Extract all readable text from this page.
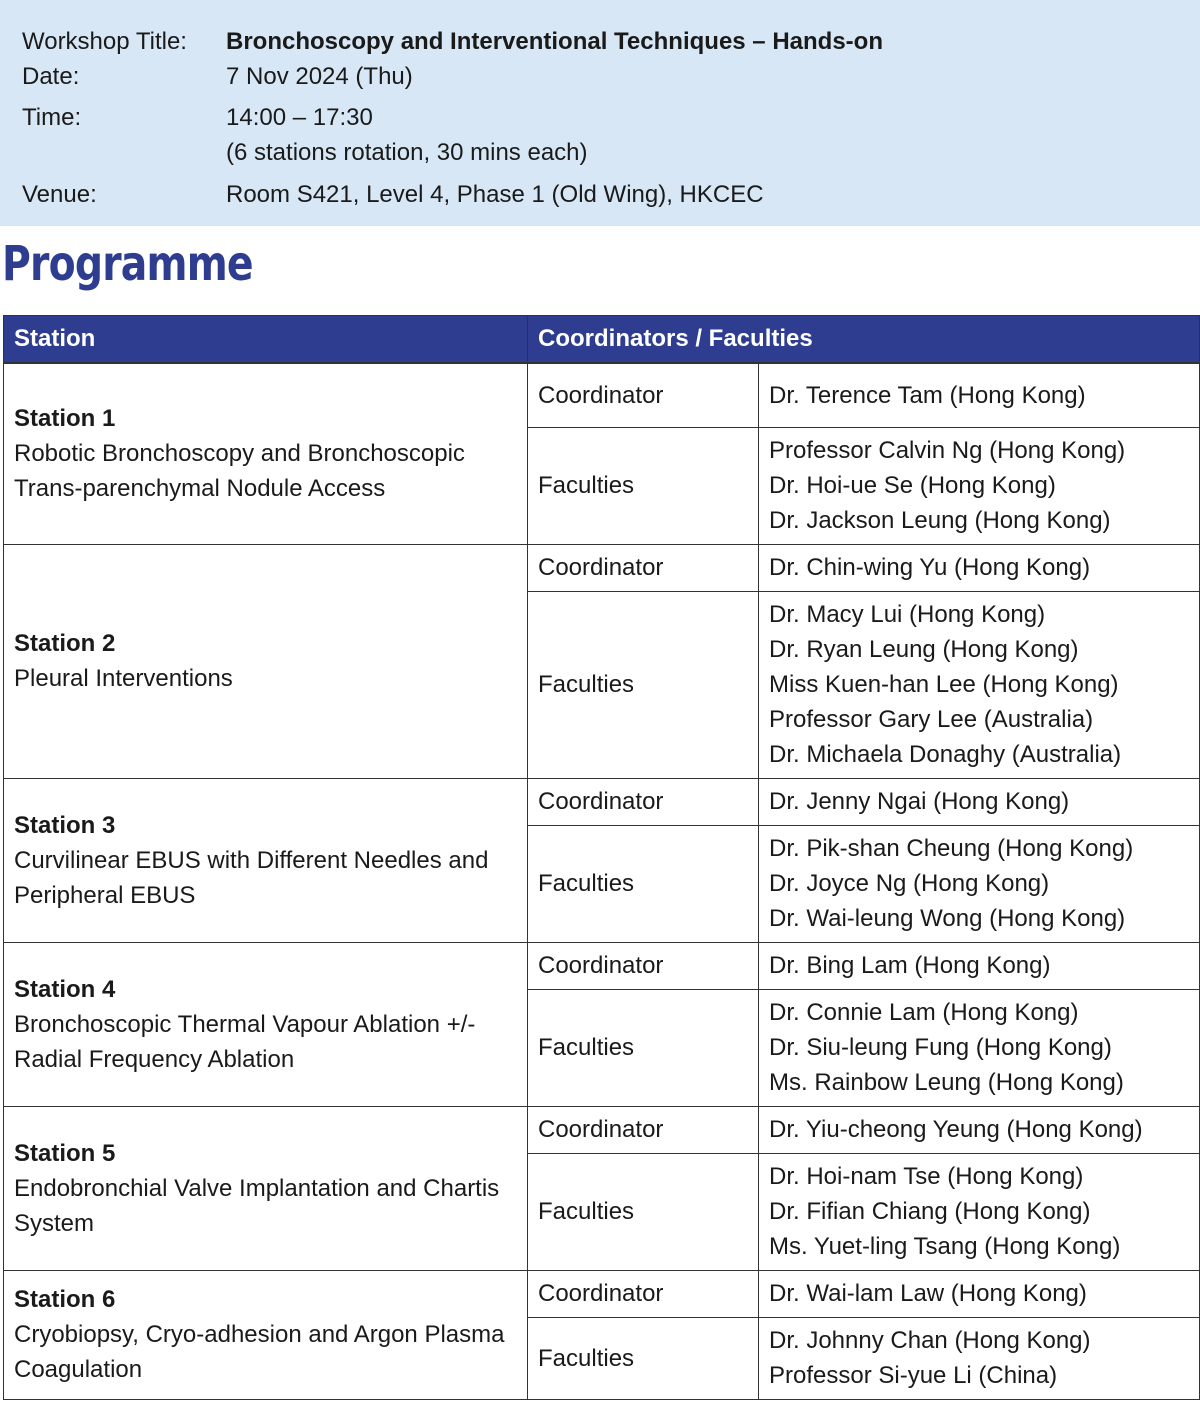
Workshop Title: Bronchoscopy and Interventional Techniques – Hands-on
Date:	7 Nov 2024 (Thu)
Time:	14:00 – 17:30
(6 stations rotation, 30 mins each)
Venue:	Room S421, Level 4, Phase 1 (Old Wing), HKCEC
Programme
Station	Coordinators / Faculties	

Station 1
Robotic Bronchoscopy and Bronchoscopic Trans-parenchymal Nodule Access	Coordinator	Dr. Terence Tam (Hong Kong)
	Faculties	Professor Calvin Ng (Hong Kong)
Dr. Hoi-ue Se (Hong Kong)
Dr. Jackson Leung (Hong Kong)

Station 2
Pleural Interventions	Coordinator	Dr. Chin-wing Yu (Hong Kong)
	Faculties	Dr. Macy Lui (Hong Kong)
Dr. Ryan Leung (Hong Kong)
Miss Kuen-han Lee (Hong Kong)
Professor Gary Lee (Australia)
Dr. Michaela Donaghy (Australia)

Station 3
Curvilinear EBUS with Different Needles and Peripheral EBUS	Coordinator	Dr. Jenny Ngai (Hong Kong)
	Faculties	Dr. Pik-shan Cheung (Hong Kong)
Dr. Joyce Ng (Hong Kong)
Dr. Wai-leung Wong (Hong Kong)

Station 4
Bronchoscopic Thermal Vapour Ablation +/- Radial Frequency Ablation	Coordinator	Dr. Bing Lam (Hong Kong)
	Faculties	Dr. Connie Lam (Hong Kong)
Dr. Siu-leung Fung (Hong Kong)
Ms. Rainbow Leung (Hong Kong)

Station 5
Endobronchial Valve Implantation and Chartis System	Coordinator	Dr. Yiu-cheong Yeung (Hong Kong)
	Faculties	Dr. Hoi-nam Tse (Hong Kong)
Dr. Fifian Chiang (Hong Kong)
Ms. Yuet-ling Tsang (Hong Kong)

Station 6
Cryobiopsy, Cryo-adhesion and Argon Plasma Coagulation	Coordinator	Dr. Wai-lam Law (Hong Kong)
	Faculties	Dr. Johnny Chan (Hong Kong)
Professor Si-yue Li (China)
